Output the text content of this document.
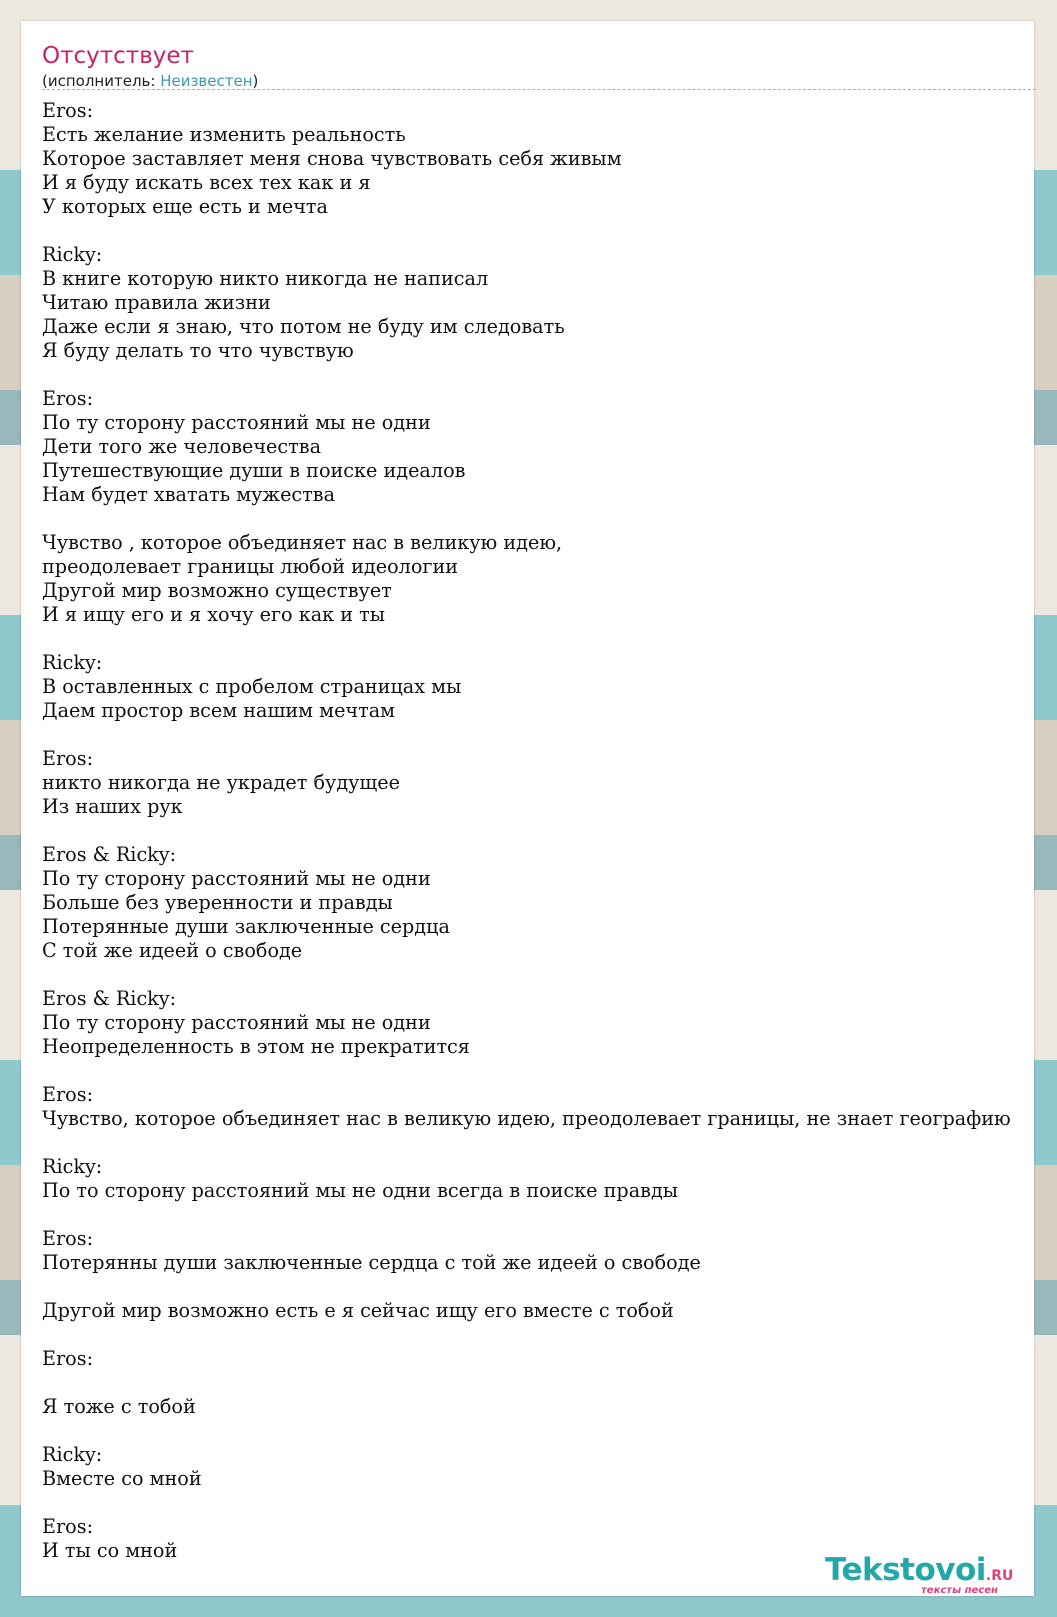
Отсутствует
(исполнитель: Неизвестен)
Eros:
Есть желание изменить реальность
Которое заставляет меня снова чувствовать себя живым
И я буду искать всех тех как и я
У которых еще есть и мечта
Ricky:
В книге которую никто никогда не написал
Читаю правила жизни
Даже если я знаю, что потом не буду им следовать
Я буду делать то что чувствую
Eros:
По ту сторону расстояний мы не одни
Дети того же человечества
Путешествующие души в поиске идеалов
Нам будет хватать мужества
Чувство , которое объединяет нас в великую идею,
преодолевает границы любой идеологии
Другой мир возможно существует
И я ищу его и я хочу его как и ты
Ricky:
В оставленных с пробелом страницах мы
Даем простор всем нашим мечтам
Eros:
никто никогда не украдет будущее
Из наших рук
Eros & Ricky:
По ту сторону расстояний мы не одни
Больше без уверенности и правды
Потерянные души заключенные сердца
С той же идеей о свободе
Eros & Ricky:
По ту сторону расстояний мы не одни
Неопределенность в этом не прекратится
Eros:
Чувство, которое объединяет нас в великую идею, преодолевает границы, не знает географию
Ricky:
По то сторону расстояний мы не одни всегда в поиске правды
Eros:
Потерянны души заключенные сердца с той же идеей о свободе
Другой мир возможно есть е я сейчас ищу его вместе с тобой
Eros:
Я тоже с тобой
Ricky:
Вместе со мной
Eros:
И ты со мной
Tekstovoi.RU
тексты песен
